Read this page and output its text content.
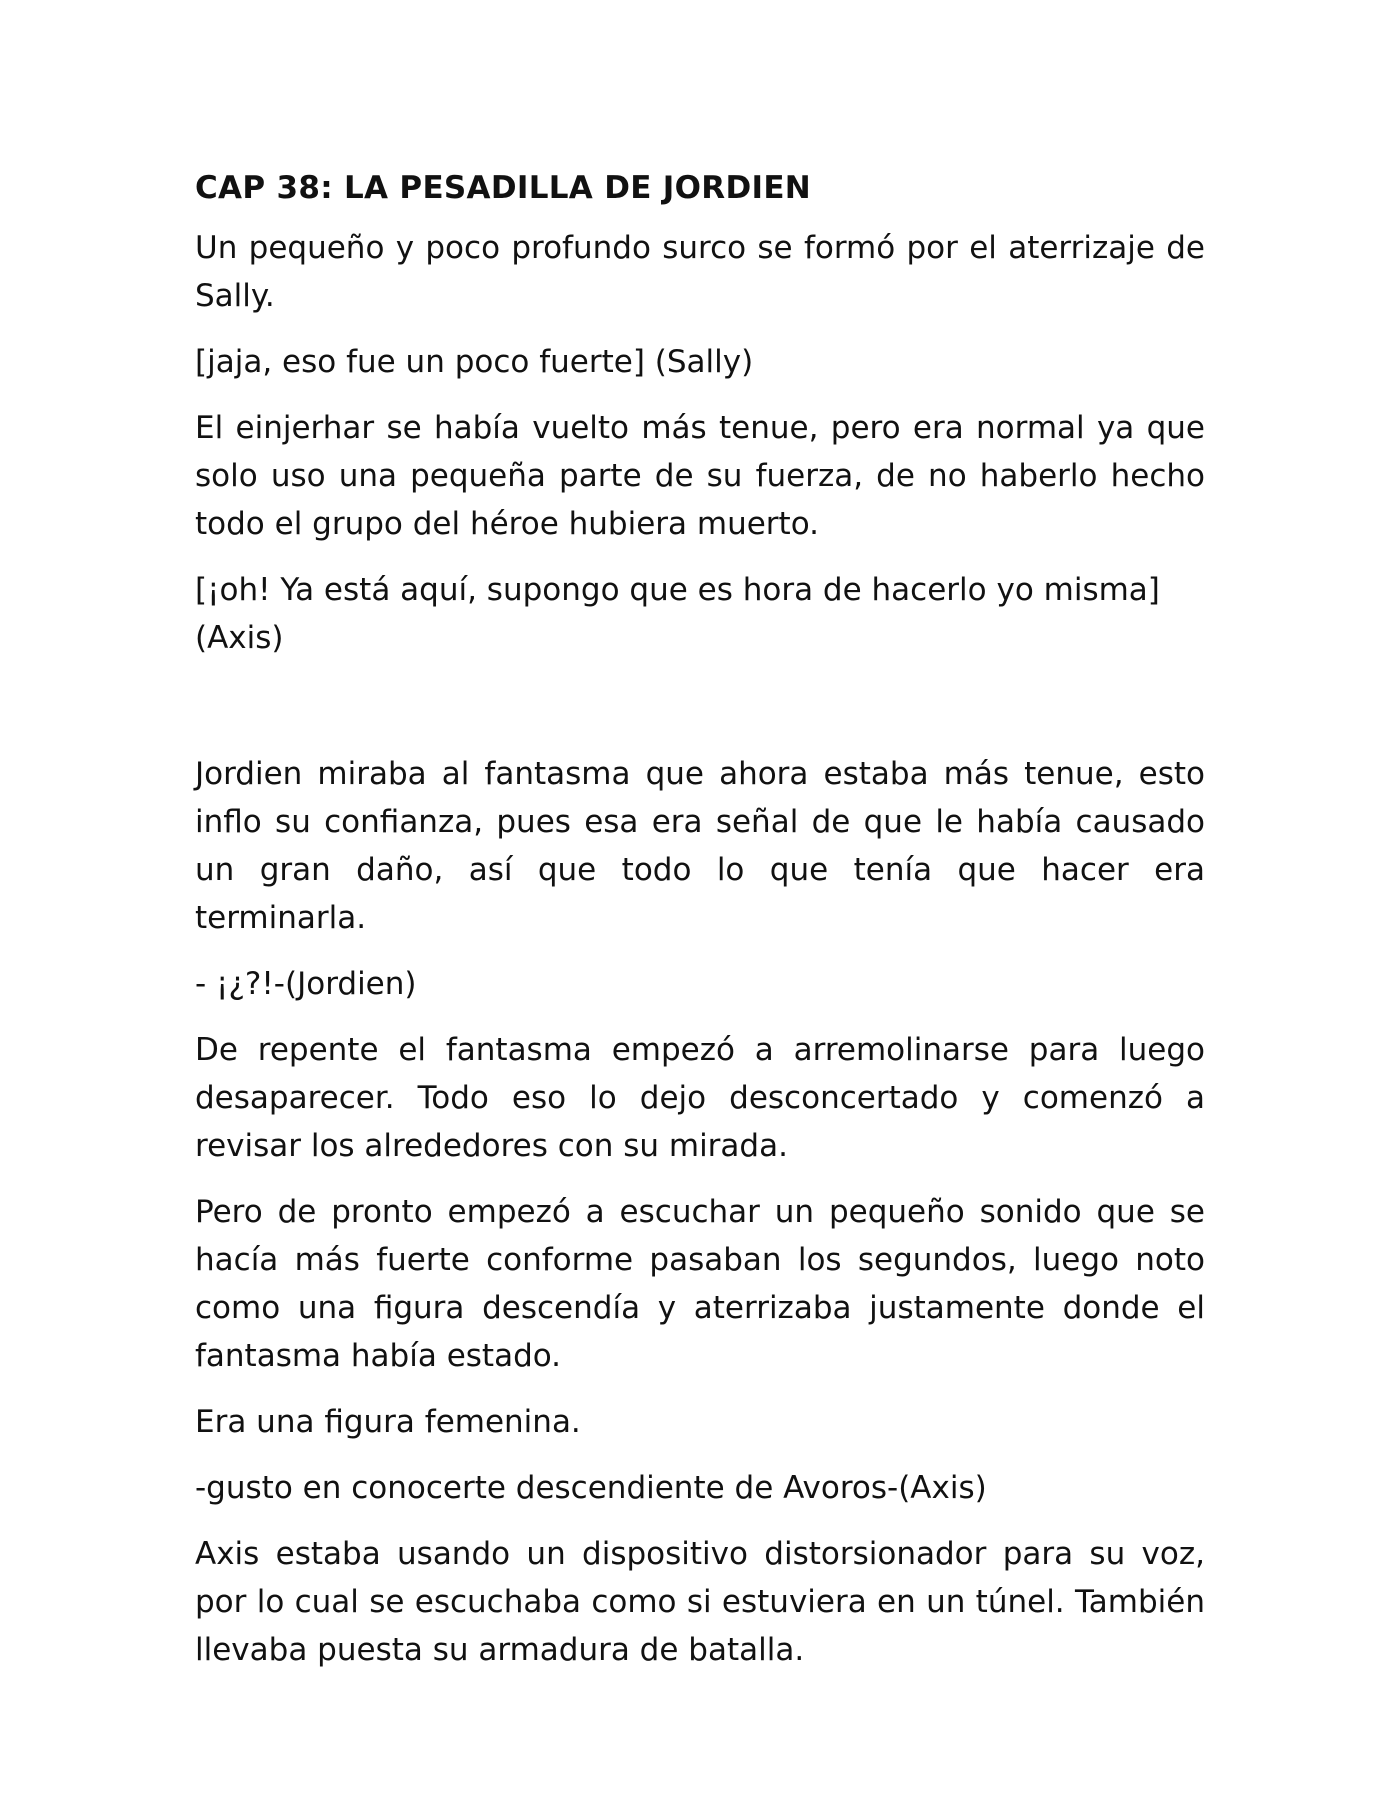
CAP 38: LA PESADILLA DE JORDIEN

Un pequeño y poco profundo surco se formó por el aterrizaje de Sally.

[jaja, eso fue un poco fuerte] (Sally)

El einjerhar se había vuelto más tenue, pero era normal ya que solo uso una pequeña parte de su fuerza, de no haberlo hecho todo el grupo del héroe hubiera muerto.

[¡oh! Ya está aquí, supongo que es hora de hacerlo yo misma] (Axis)

Jordien miraba al fantasma que ahora estaba más tenue, esto inflo su confianza, pues esa era señal de que le había causado un gran daño, así que todo lo que tenía que hacer era terminarla.

- ¡¿?!-(Jordien)

De repente el fantasma empezó a arremolinarse para luego desaparecer. Todo eso lo dejo desconcertado y comenzó a revisar los alrededores con su mirada.

Pero de pronto empezó a escuchar un pequeño sonido que se hacía más fuerte conforme pasaban los segundos, luego noto como una figura descendía y aterrizaba justamente donde el fantasma había estado.

Era una figura femenina.

-gusto en conocerte descendiente de Avoros-(Axis)

Axis estaba usando un dispositivo distorsionador para su voz, por lo cual se escuchaba como si estuviera en un túnel. También llevaba puesta su armadura de batalla.
